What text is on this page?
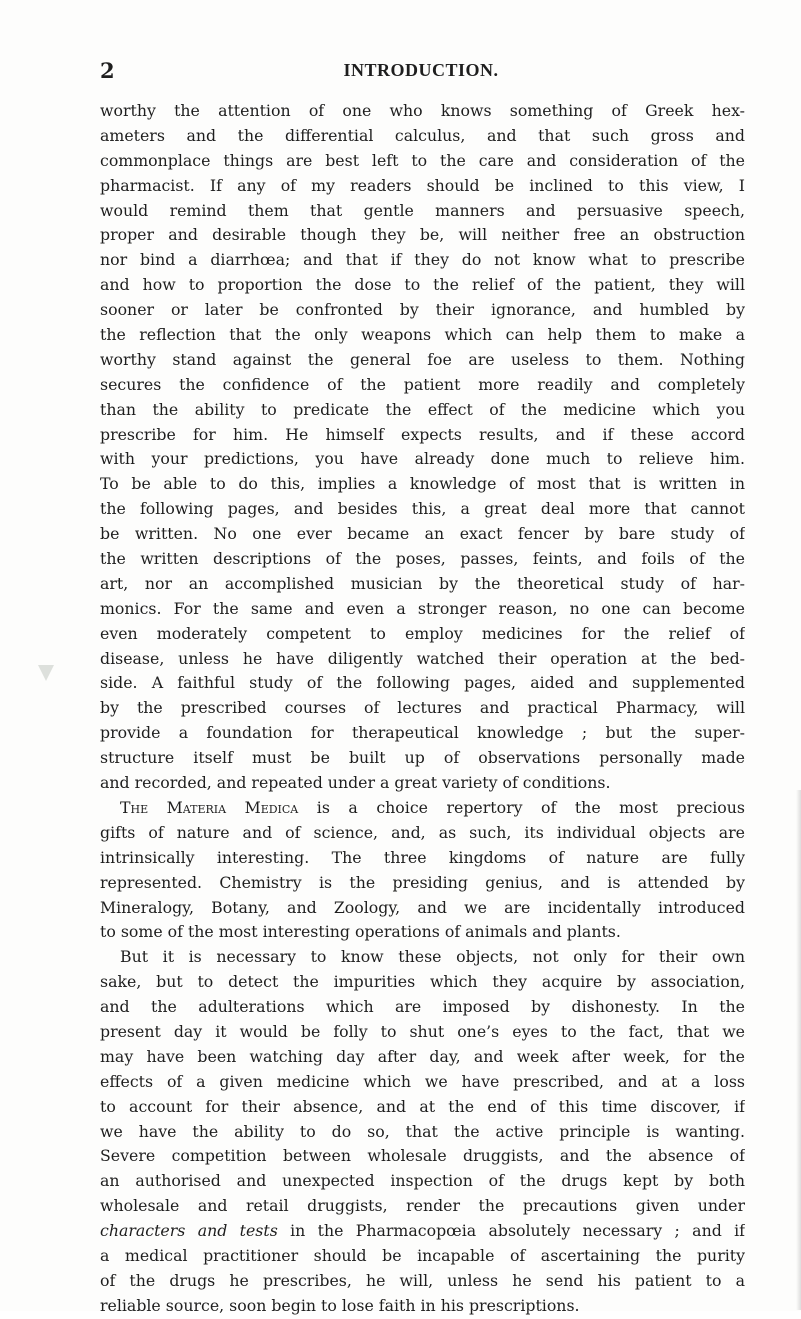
2	INTRODUCTION.
worthy the attention of one who knows something of Greek hex-
ameters and the differential calculus, and that such gross and
commonplace things are best left to the care and consideration of the
pharmacist. If any of my readers should be inclined to this view, I
would remind them that gentle manners and persuasive speech,
proper and desirable though they be, will neither free an obstruction
nor bind a diarrhœa; and that if they do not know what to prescribe
and how to proportion the dose to the relief of the patient, they will
sooner or later be confronted by their ignorance, and humbled by
the reflection that the only weapons which can help them to make a
worthy stand against the general foe are useless to them. Nothing
secures the confidence of the patient more readily and completely
than the ability to predicate the effect of the medicine which you
prescribe for him. He himself expects results, and if these accord
with your predictions, you have already done much to relieve him.
To be able to do this, implies a knowledge of most that is written in
the following pages, and besides this, a great deal more that cannot
be written. No one ever became an exact fencer by bare study of
the written descriptions of the poses, passes, feints, and foils of the
art, nor an accomplished musician by the theoretical study of har-
monics. For the same and even a stronger reason, no one can become
even moderately competent to employ medicines for the relief of
disease, unless he have diligently watched their operation at the bed-
side. A faithful study of the following pages, aided and supplemented
by the prescribed courses of lectures and practical Pharmacy, will
provide a foundation for therapeutical knowledge ; but the super-
structure itself must be built up of observations personally made
and recorded, and repeated under a great variety of conditions.
The Materia Medica is a choice repertory of the most precious
gifts of nature and of science, and, as such, its individual objects are
intrinsically interesting. The three kingdoms of nature are fully
represented. Chemistry is the presiding genius, and is attended by
Mineralogy, Botany, and Zoology, and we are incidentally introduced
to some of the most interesting operations of animals and plants.
But it is necessary to know these objects, not only for their own
sake, but to detect the impurities which they acquire by association,
and the adulterations which are imposed by dishonesty. In the
present day it would be folly to shut one’s eyes to the fact, that we
may have been watching day after day, and week after week, for the
effects of a given medicine which we have prescribed, and at a loss
to account for their absence, and at the end of this time discover, if
we have the ability to do so, that the active principle is wanting.
Severe competition between wholesale druggists, and the absence of
an authorised and unexpected inspection of the drugs kept by both
wholesale and retail druggists, render the precautions given under
characters and tests in the Pharmacopœia absolutely necessary ; and if
a medical practitioner should be incapable of ascertaining the purity
of the drugs he prescribes, he will, unless he send his patient to a
reliable source, soon begin to lose faith in his prescriptions.
